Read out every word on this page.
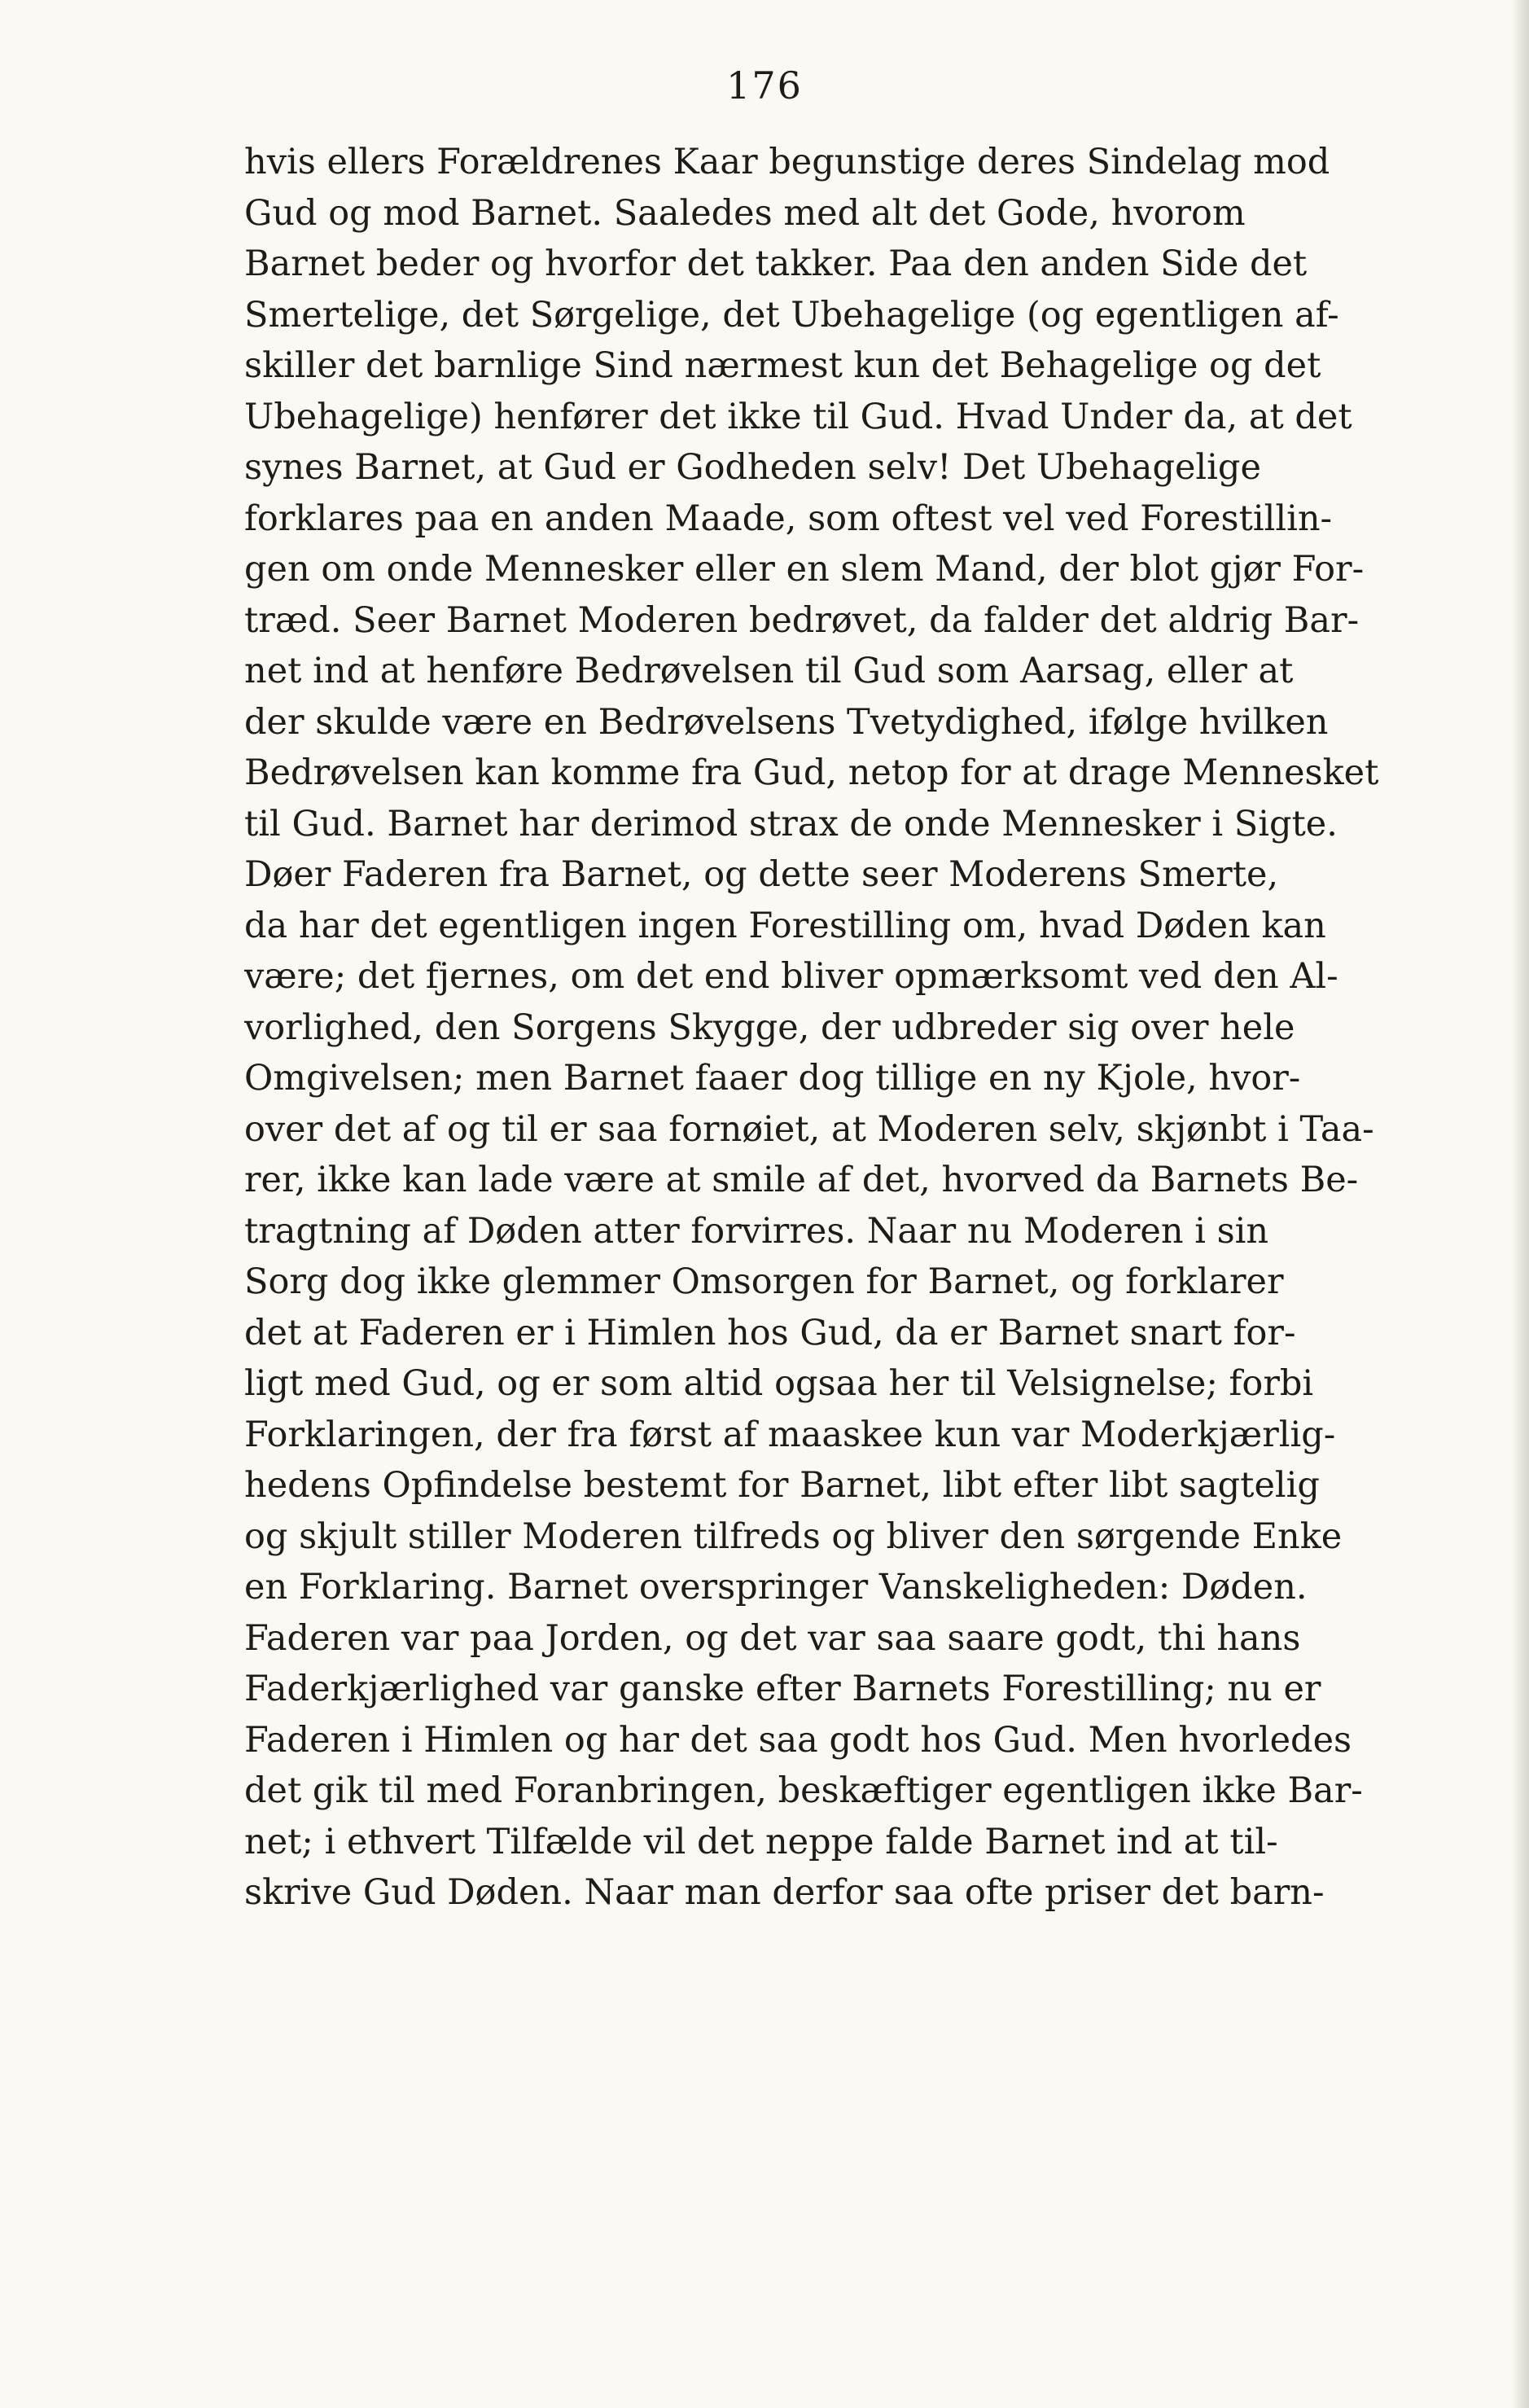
176
hvis ellers Forældrenes Kaar begunstige deres Sindelag mod
Gud og mod Barnet. Saaledes med alt det Gode, hvorom
Barnet beder og hvorfor det takker. Paa den anden Side det
Smertelige, det Sørgelige, det Ubehagelige (og egentligen af-
skiller det barnlige Sind nærmest kun det Behagelige og det
Ubehagelige) henfører det ikke til Gud. Hvad Under da, at det
synes Barnet, at Gud er Godheden selv! Det Ubehagelige
forklares paa en anden Maade, som oftest vel ved Forestillin-
gen om onde Mennesker eller en slem Mand, der blot gjør For-
træd. Seer Barnet Moderen bedrøvet, da falder det aldrig Bar-
net ind at henføre Bedrøvelsen til Gud som Aarsag, eller at
der skulde være en Bedrøvelsens Tvetydighed, ifølge hvilken
Bedrøvelsen kan komme fra Gud, netop for at drage Mennesket
til Gud. Barnet har derimod strax de onde Mennesker i Sigte.
Døer Faderen fra Barnet, og dette seer Moderens Smerte,
da har det egentligen ingen Forestilling om, hvad Døden kan
være; det fjernes, om det end bliver opmærksomt ved den Al-
vorlighed, den Sorgens Skygge, der udbreder sig over hele
Omgivelsen; men Barnet faaer dog tillige en ny Kjole, hvor-
over det af og til er saa fornøiet, at Moderen selv, skjønbt i Taa-
rer, ikke kan lade være at smile af det, hvorved da Barnets Be-
tragtning af Døden atter forvirres. Naar nu Moderen i sin
Sorg dog ikke glemmer Omsorgen for Barnet, og forklarer
det at Faderen er i Himlen hos Gud, da er Barnet snart for-
ligt med Gud, og er som altid ogsaa her til Velsignelse; forbi
Forklaringen, der fra først af maaskee kun var Moderkjærlig-
hedens Opfindelse bestemt for Barnet, libt efter libt sagtelig
og skjult stiller Moderen tilfreds og bliver den sørgende Enke
en Forklaring. Barnet overspringer Vanskeligheden: Døden.
Faderen var paa Jorden, og det var saa saare godt, thi hans
Faderkjærlighed var ganske efter Barnets Forestilling; nu er
Faderen i Himlen og har det saa godt hos Gud. Men hvorledes
det gik til med Foranbringen, beskæftiger egentligen ikke Bar-
net; i ethvert Tilfælde vil det neppe falde Barnet ind at til-
skrive Gud Døden. Naar man derfor saa ofte priser det barn-
